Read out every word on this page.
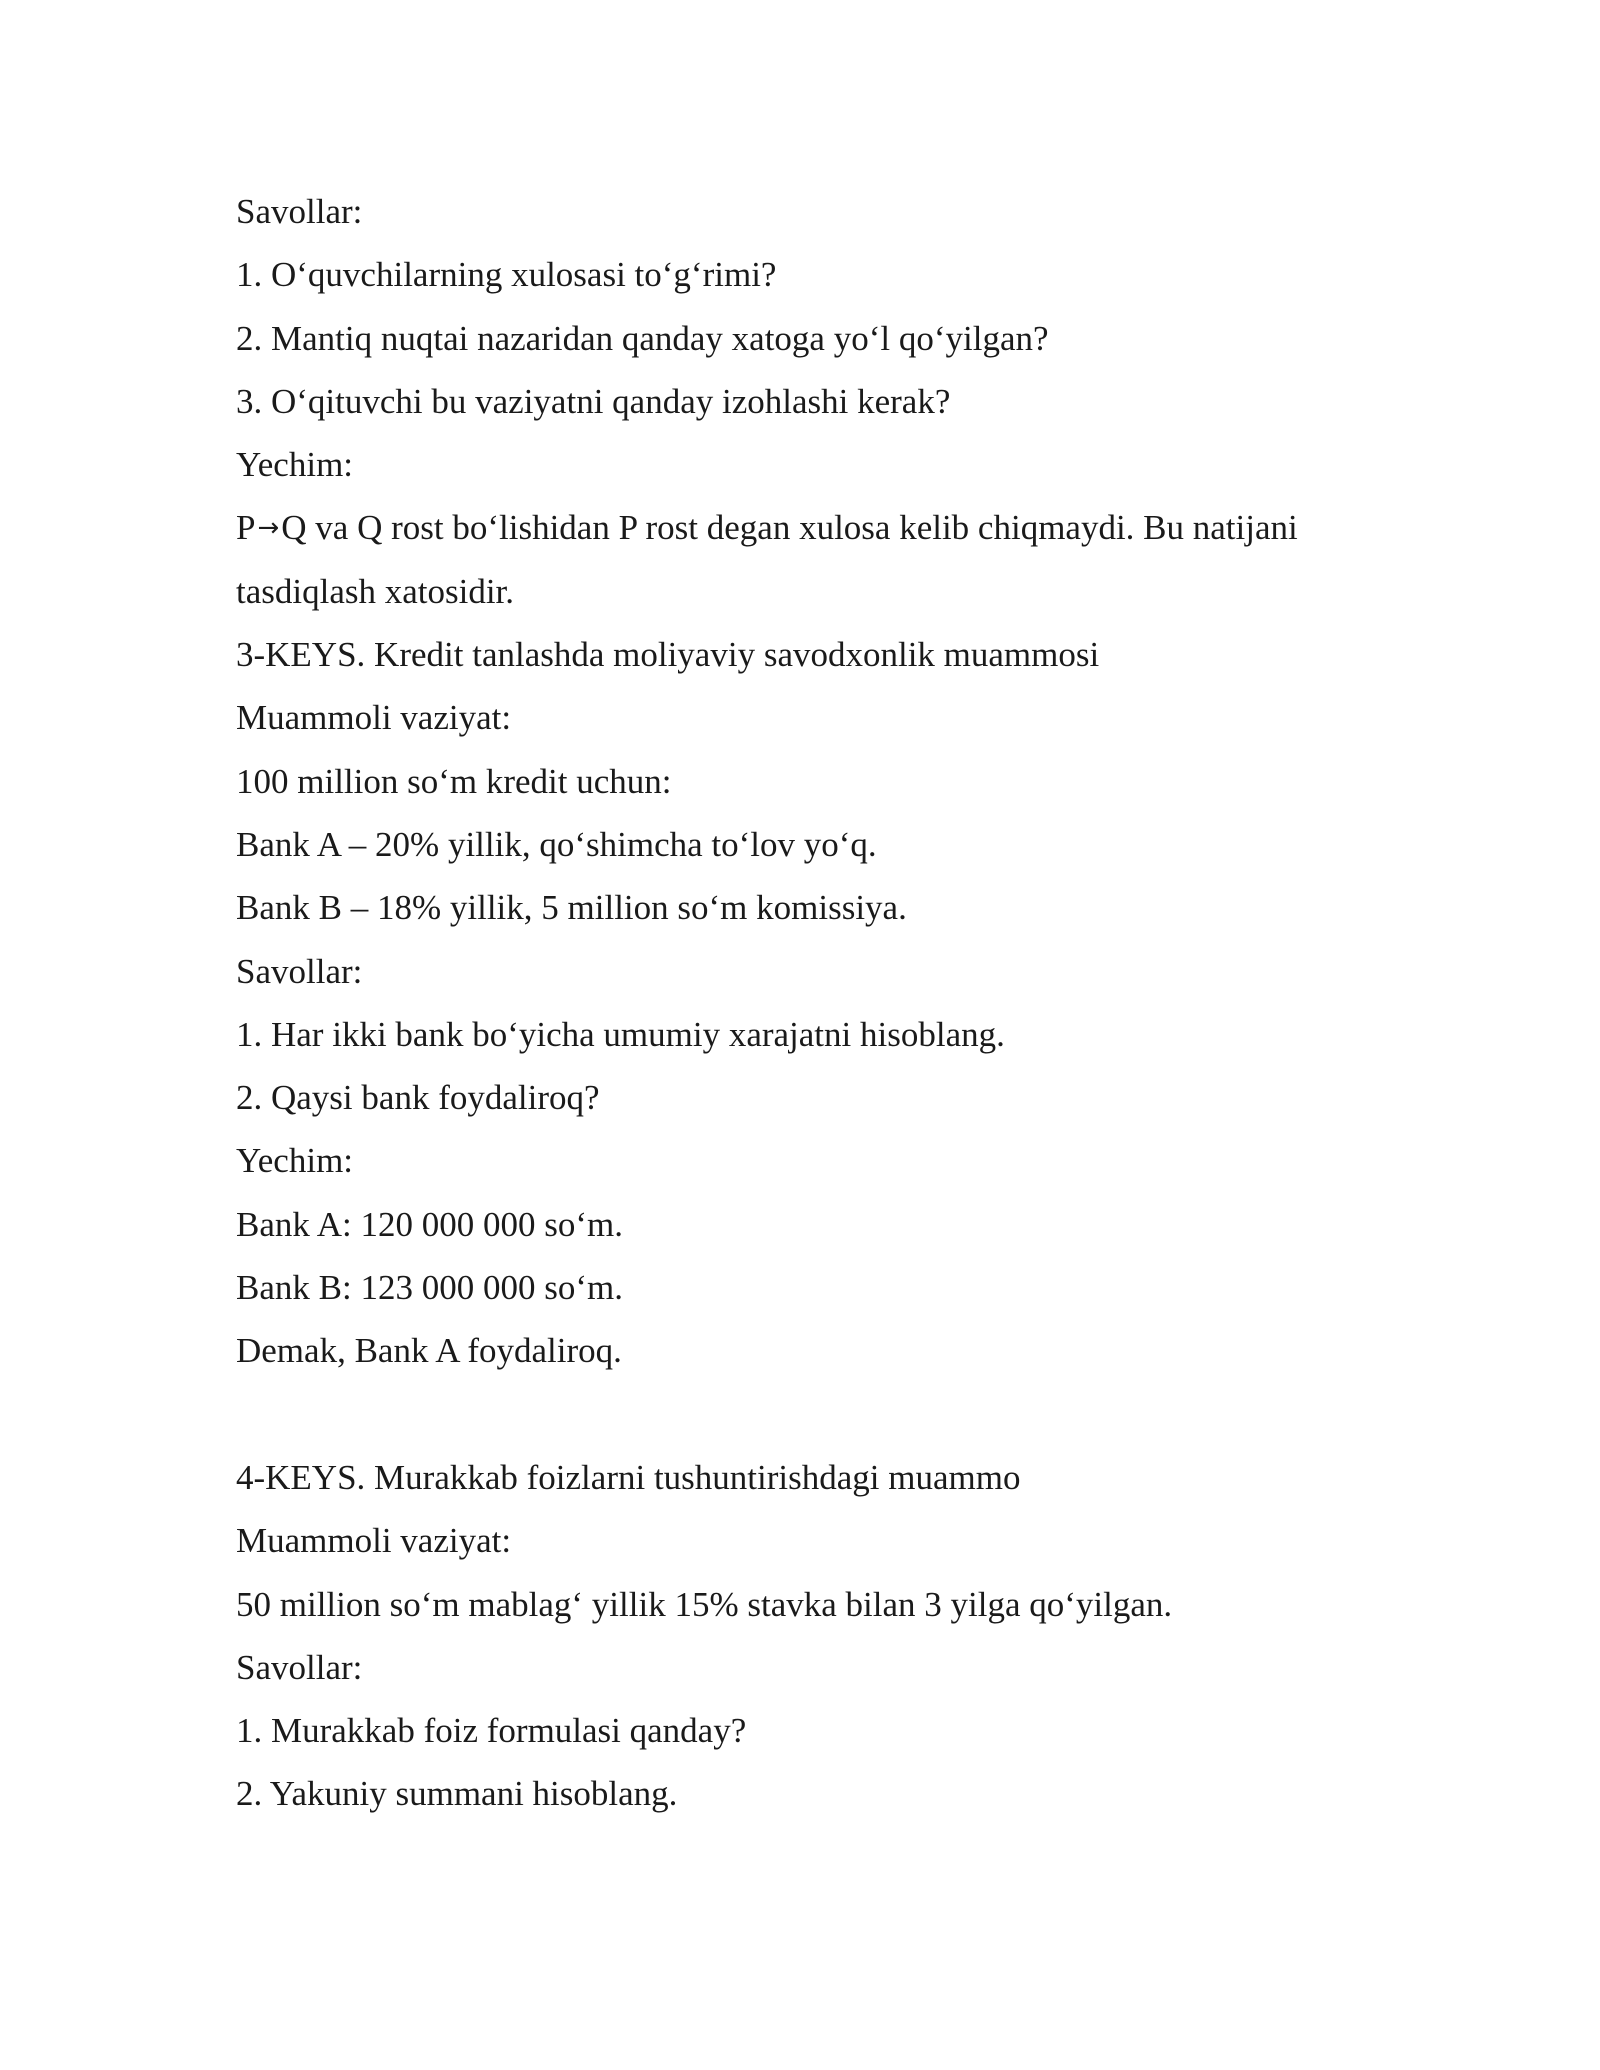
Savollar:
1. O‘quvchilarning xulosasi to‘g‘rimi?
2. Mantiq nuqtai nazaridan qanday xatoga yo‘l qo‘yilgan?
3. O‘qituvchi bu vaziyatni qanday izohlashi kerak?
Yechim:
P→Q va Q rost bo‘lishidan P rost degan xulosa kelib chiqmaydi. Bu natijani
tasdiqlash xatosidir.
3-KEYS. Kredit tanlashda moliyaviy savodxonlik muammosi
Muammoli vaziyat:
100 million so‘m kredit uchun:
Bank A – 20% yillik, qo‘shimcha to‘lov yo‘q.
Bank B – 18% yillik, 5 million so‘m komissiya.
Savollar:
1. Har ikki bank bo‘yicha umumiy xarajatni hisoblang.
2. Qaysi bank foydaliroq?
Yechim:
Bank A: 120 000 000 so‘m.
Bank B: 123 000 000 so‘m.
Demak, Bank A foydaliroq.
4-KEYS. Murakkab foizlarni tushuntirishdagi muammo
Muammoli vaziyat:
50 million so‘m mablag‘ yillik 15% stavka bilan 3 yilga qo‘yilgan.
Savollar:
1. Murakkab foiz formulasi qanday?
2. Yakuniy summani hisoblang.
